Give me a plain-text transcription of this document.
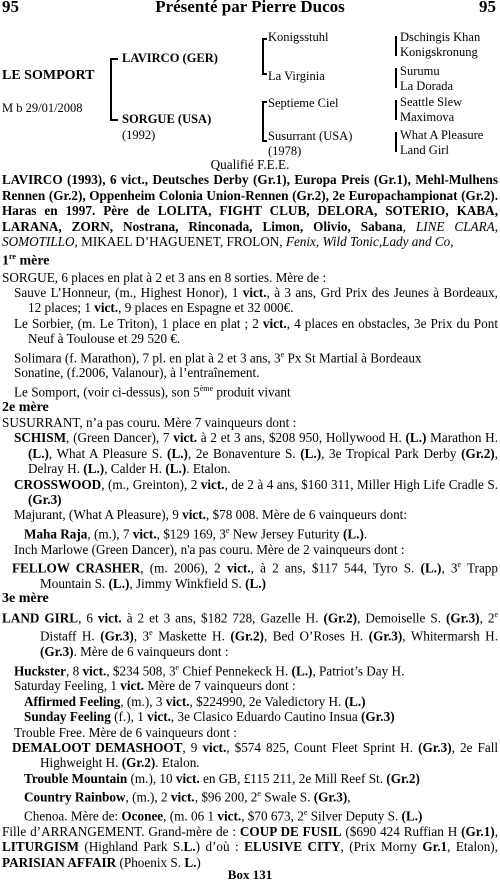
95	Présenté par Pierre Ducos	95
LE SOMPORT
M b 29/01/2008
LAVIRCO (GER)
SORGUE (USA)
(1992)
Konigsstuhl
La Virginia
Septieme Ciel
Susurrant (USA)
(1978)
Dschingis Khan
Konigskronung
Surumu
La Dorada
Seattle Slew
Maximova
What A Pleasure
Land Girl

Qualifié F.E.E.

LAVIRCO (1993), 6 vict., Deutsches Derby (Gr.1), Europa Preis (Gr.1), Mehl-Mulhens Rennen (Gr.2), Oppenheim Colonia Union-Rennen (Gr.2), 2e Europachampionat (Gr.2). Haras en 1997. Père de LOLITA, FIGHT CLUB, DELORA, SOTERIO, KABA, LARANA, ZORN, Nostrana, Rinconada, Limon, Olivio, Sabana, LINE CLARA, SOMOTILLO, MIKAEL D’HAGUENET, FROLON, Fenix, Wild Tonic,Lady and Co,

1re mère

SORGUE, 6 places en plat à 2 et 3 ans en 8 sorties. Mère de :

Sauve L’Honneur, (m., Highest Honor), 1 vict., à 3 ans, Grd Prix des Jeunes à Bordeaux, 12 places; 1 vict., 9 places en Espagne et 32 000€.

Le Sorbier, (m. Le Triton), 1 place en plat ; 2 vict., 4 places en obstacles, 3e Prix du Pont Neuf à Toulouse et 29 520 €.

Solimara (f. Marathon), 7 pl. en plat à 2 et 3 ans, 3e Px St Martial à Bordeaux

Sonatine, (f.2006, Valanour), à l’entraînement.

Le Somport, (voir ci-dessus), son 5ème produit vivant

2e mère

SUSURRANT, n’a pas couru. Mère 7 vainqueurs dont :

SCHISM, (Green Dancer), 7 vict. à 2 et 3 ans, $208 950, Hollywood H. (L.) Marathon H. (L.), What A Pleasure S. (L.), 2e Bonaventure S. (L.), 3e Tropical Park Derby (Gr.2), Delray H. (L.), Calder H. (L.). Etalon.

CROSSWOOD, (m., Greinton), 2 vict., de 2 à 4 ans, $160 311, Miller High Life Cradle S. (Gr.3)

Majurant, (What A Pleasure), 9 vict., $78 008. Mère de 6 vainqueurs dont:

Maha Raja, (m.), 7 vict., $129 169, 3e New Jersey Futurity (L.).

Inch Marlowe (Green Dancer), n'a pas couru. Mère de 2 vainqueurs dont :

FELLOW CRASHER, (m. 2006), 2 vict., à 2 ans, $117 544, Tyro S. (L.), 3e Trapp Mountain S. (L.), Jimmy Winkfield S. (L.)

3e mère

LAND GIRL, 6 vict. à 2 et 3 ans, $182 728, Gazelle H. (Gr.2), Demoiselle S. (Gr.3), 2e Distaff H. (Gr.3), 3e Maskette H. (Gr.2), Bed O’Roses H. (Gr.3), Whitermarsh H. (Gr.3). Mère de 6 vainqueurs dont :

Huckster, 8 vict., $234 508, 3e Chief Pennekeck H. (L.), Patriot’s Day H.

Saturday Feeling, 1 vict. Mère de 7 vainqueurs dont :

Affirmed Feeling, (m.), 3 vict., $224990, 2e Valedictory H. (L.)

Sunday Feeling (f.), 1 vict., 3e Clasico Eduardo Cautino Insua (Gr.3)

Trouble Free. Mère de 6 vainqueurs dont :

DEMALOOT DEMASHOOT, 9 vict., $574 825, Count Fleet Sprint H. (Gr.3), 2e Fall Highweight H. (Gr.2). Etalon.

Trouble Mountain (m.), 10 vict. en GB, £115 211, 2e Mill Reef St. (Gr.2)

Country Rainbow, (m.), 2 vict., $96 200, 2e Swale S. (Gr.3),

Chenoa. Mère de: Oconee, (m. 06 1 vict., $70 673, 2e Silver Deputy S. (L.)

Fille d’ARRANGEMENT. Grand-mère de : COUP DE FUSIL ($690 424 Ruffian H (Gr.1), LITURGISM (Highland Park S.L.) d’où : ELUSIVE CITY, (Prix Morny Gr.1, Etalon), PARISIAN AFFAIR (Phoenix S. L.)

Box 131
